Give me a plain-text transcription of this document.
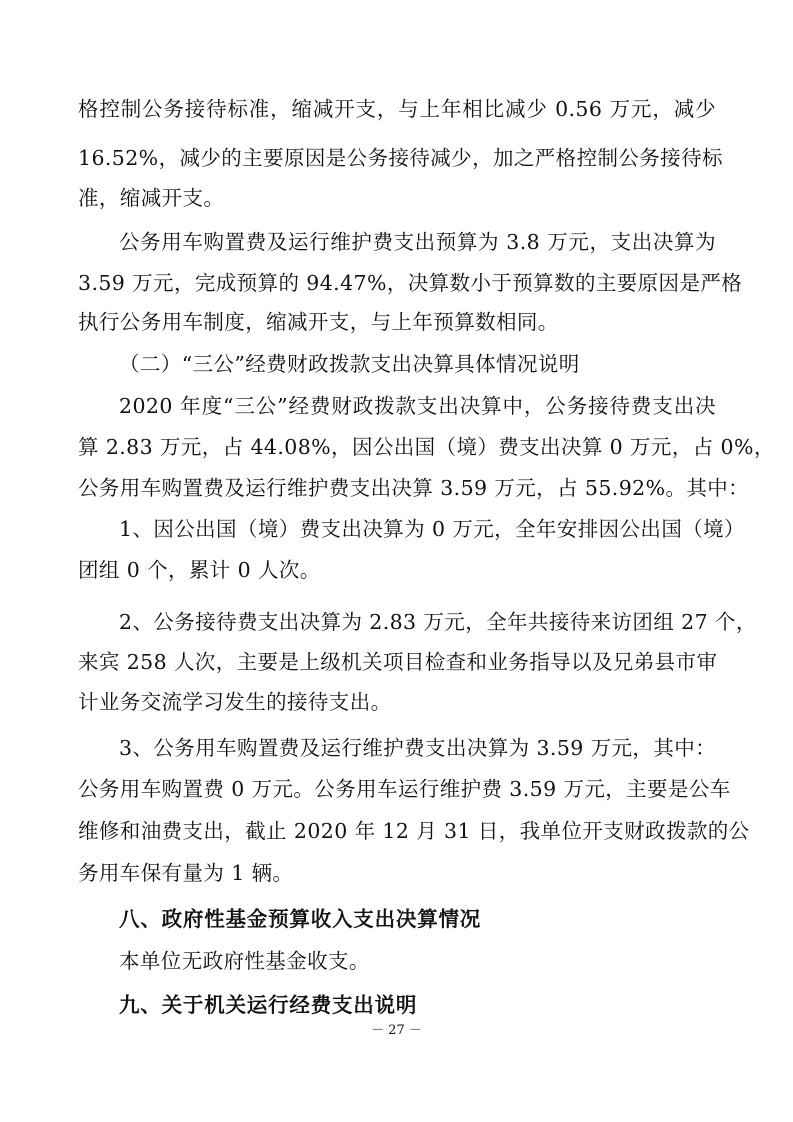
格控制公务接待标准，缩减开支，与上年相比减少 0.56 万元，减少
16.52%，减少的主要原因是公务接待减少，加之严格控制公务接待标
准，缩减开支。
公务用车购置费及运行维护费支出预算为 3.8 万元，支出决算为
3.59 万元，完成预算的 94.47%，决算数小于预算数的主要原因是严格
执行公务用车制度，缩减开支，与上年预算数相同。
（二）“三公”经费财政拨款支出决算具体情况说明
2020 年度“三公”经费财政拨款支出决算中，公务接待费支出决
算 2.83 万元，占 44.08%，因公出国（境）费支出决算 0 万元，占 0%，
公务用车购置费及运行维护费支出决算 3.59 万元，占 55.92%。其中：
1、因公出国（境）费支出决算为 0 万元，全年安排因公出国（境）
团组 0 个，累计 0 人次。
2、公务接待费支出决算为 2.83 万元，全年共接待来访团组 27 个，
来宾 258 人次，主要是上级机关项目检查和业务指导以及兄弟县市审
计业务交流学习发生的接待支出。
3、公务用车购置费及运行维护费支出决算为 3.59 万元，其中：
公务用车购置费 0 万元。公务用车运行维护费 3.59 万元，主要是公车
维修和油费支出，截止 2020 年 12 月 31 日，我单位开支财政拨款的公
务用车保有量为 1 辆。
八、政府性基金预算收入支出决算情况
本单位无政府性基金收支。
九、关于机关运行经费支出说明
－ 27 －
